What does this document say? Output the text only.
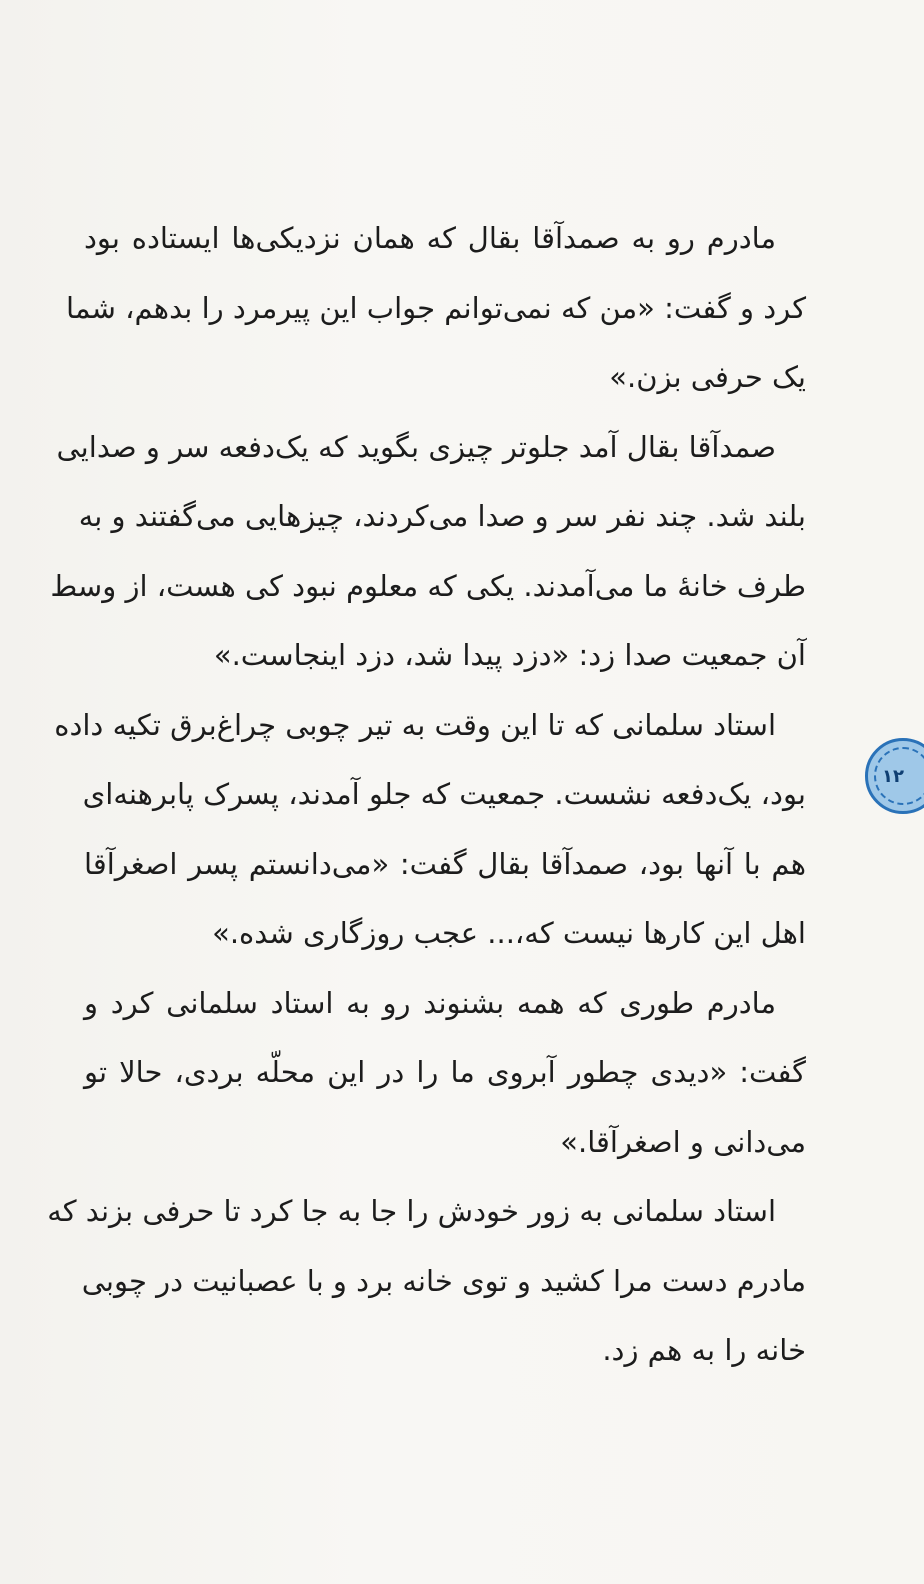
مادرم رو به صمدآقا بقال که همان نزدیکی‌ها ایستاده بود
کرد و گفت: «من که نمی‌توانم جواب این پیرمرد را بدهم، شما
یک حرفی بزن.»
صمدآقا بقال آمد جلوتر چیزی بگوید که یک‌دفعه سر و صدایی
بلند شد. چند نفر سر و صدا می‌کردند، چیزهایی می‌گفتند و به
طرف خانهٔ ما می‌آمدند. یکی که معلوم نبود کی هست، از وسط
آن جمعیت صدا زد: «دزد پیدا شد، دزد اینجاست.»
استاد سلمانی که تا این وقت به تیر چوبی چراغ‌برق تکیه داده
بود، یک‌دفعه نشست. جمعیت که جلو آمدند، پسرک پابرهنه‌ای
هم با آنها بود، صمدآقا بقال گفت: «می‌دانستم پسر اصغرآقا
اهل این کارها نیست که،... عجب روزگاری شده.»
مادرم طوری که همه بشنوند رو به استاد سلمانی کرد و
گفت: «دیدی چطور آبروی ما را در این محلّه بردی، حالا تو
می‌دانی و اصغرآقا.»
استاد سلمانی به زور خودش را جا به جا کرد تا حرفی بزند که
مادرم دست مرا کشید و توی خانه برد و با عصبانیت در چوبی
خانه را به هم زد.
۱۲
